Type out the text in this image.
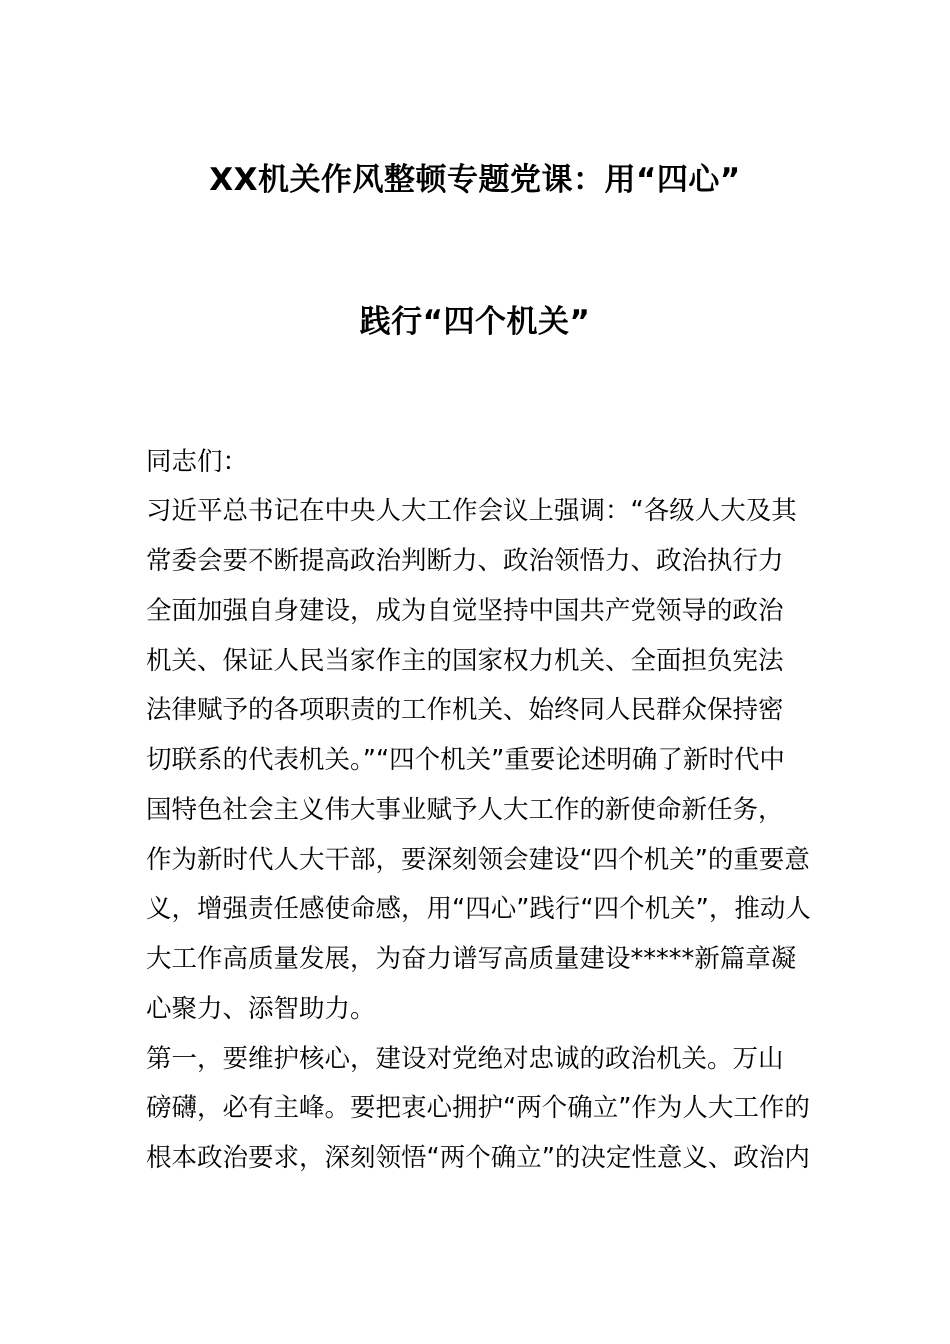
XX机关作风整顿专题党课：用“四心”
践行“四个机关”
同志们：
习近平总书记在中央人大工作会议上强调：“各级人大及其
常委会要不断提高政治判断力、政治领悟力、政治执行力
全面加强自身建设，成为自觉坚持中国共产党领导的政治
机关、保证人民当家作主的国家权力机关、全面担负宪法
法律赋予的各项职责的工作机关、始终同人民群众保持密
切联系的代表机关。”“四个机关”重要论述明确了新时代中
国特色社会主义伟大事业赋予人大工作的新使命新任务，
作为新时代人大干部，要深刻领会建设“四个机关”的重要意
义，增强责任感使命感，用“四心”践行“四个机关”，推动人
大工作高质量发展，为奋力谱写高质量建设*****新篇章凝
心聚力、添智助力。
第一，要维护核心，建设对党绝对忠诚的政治机关。万山
磅礴，必有主峰。要把衷心拥护“两个确立”作为人大工作的
根本政治要求，深刻领悟“两个确立”的决定性意义、政治内
